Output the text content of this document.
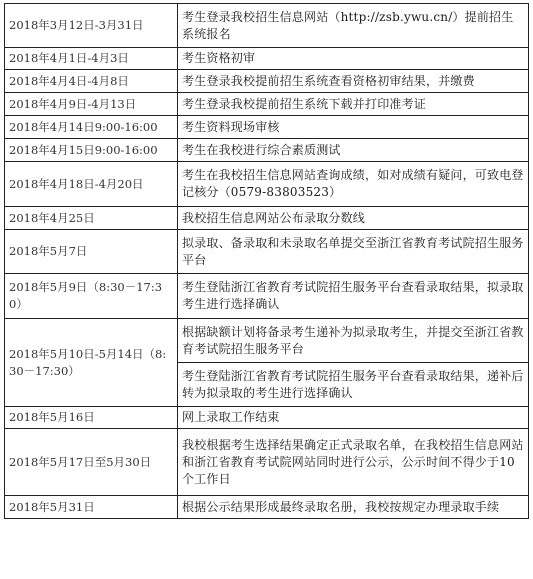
2018年3月12日-3月31日	考生登录我校招生信息网站（http://zsb.ywu.cn/）提前招生系统报名
2018年4月1日-4月3日	考生资格初审
2018年4月4日-4月8日	考生登录我校提前招生系统查看资格初审结果，并缴费
2018年4月9日-4月13日	考生登录我校提前招生系统下载并打印准考证
2018年4月14日9:00-16:00	考生资料现场审核
2018年4月15日9:00-16:00	考生在我校进行综合素质测试
2018年4月18日-4月20日	考生在我校招生信息网站查询成绩，如对成绩有疑问，可致电登记核分（0579-83803523）
2018年4月25日	我校招生信息网站公布录取分数线
2018年5月7日	拟录取、备录取和未录取名单提交至浙江省教育考试院招生服务平台
2018年5月9日（8:30－17:30）	考生登陆浙江省教育考试院招生服务平台查看录取结果，拟录取考生进行选择确认
2018年5月10日-5月14日（8:30－17:30）	根据缺额计划将备录考生递补为拟录取考生，并提交至浙江省教育考试院招生服务平台
	考生登陆浙江省教育考试院招生服务平台查看录取结果，递补后转为拟录取的考生进行选择确认
2018年5月16日	网上录取工作结束
2018年5月17日至5月30日	我校根据考生选择结果确定正式录取名单，在我校招生信息网站和浙江省教育考试院网站同时进行公示，公示时间不得少于10个工作日
2018年5月31日	根据公示结果形成最终录取名册，我校按规定办理录取手续
